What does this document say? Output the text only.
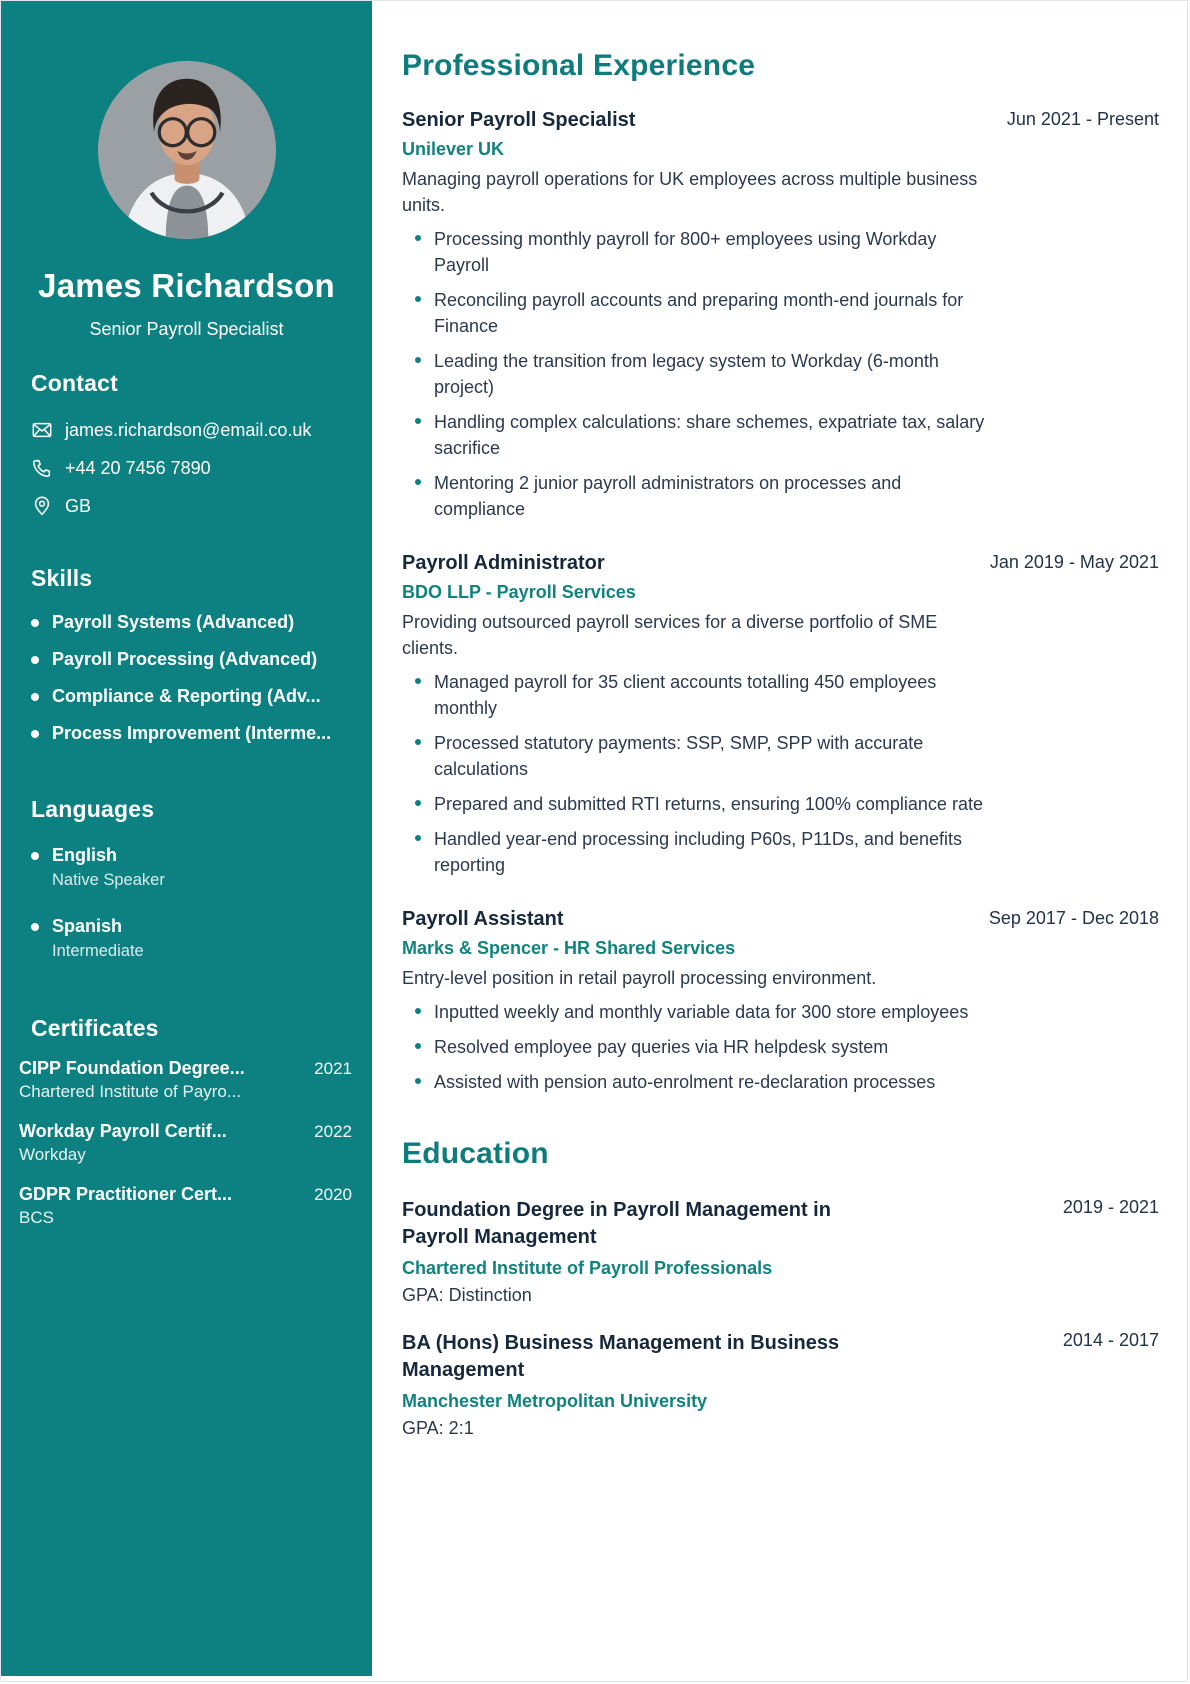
James Richardson
Senior Payroll Specialist
Contact
james.richardson@email.co.uk
+44 20 7456 7890
GB
Skills
Payroll Systems (Advanced)
Payroll Processing (Advanced)
Compliance & Reporting (Adv...
Process Improvement (Interme...
Languages
English
Native Speaker
Spanish
Intermediate
Certificates
CIPP Foundation Degree...	2021
Chartered Institute of Payro...
Workday Payroll Certif...	2022
Workday
GDPR Practitioner Cert...	2020
BCS
Professional Experience
Senior Payroll Specialist	Jun 2021 - Present
Unilever UK
Managing payroll operations for UK employees across multiple business units.
Processing monthly payroll for 800+ employees using Workday Payroll
Reconciling payroll accounts and preparing month-end journals for Finance
Leading the transition from legacy system to Workday (6-month project)
Handling complex calculations: share schemes, expatriate tax, salary sacrifice
Mentoring 2 junior payroll administrators on processes and compliance
Payroll Administrator	Jan 2019 - May 2021
BDO LLP - Payroll Services
Providing outsourced payroll services for a diverse portfolio of SME clients.
Managed payroll for 35 client accounts totalling 450 employees monthly
Processed statutory payments: SSP, SMP, SPP with accurate calculations
Prepared and submitted RTI returns, ensuring 100% compliance rate
Handled year-end processing including P60s, P11Ds, and benefits reporting
Payroll Assistant	Sep 2017 - Dec 2018
Marks & Spencer - HR Shared Services
Entry-level position in retail payroll processing environment.
Inputted weekly and monthly variable data for 300 store employees
Resolved employee pay queries via HR helpdesk system
Assisted with pension auto-enrolment re-declaration processes
Education
Foundation Degree in Payroll Management in Payroll Management
2019 - 2021
Chartered Institute of Payroll Professionals
GPA: Distinction
BA (Hons) Business Management in Business Management
2014 - 2017
Manchester Metropolitan University
GPA: 2:1
